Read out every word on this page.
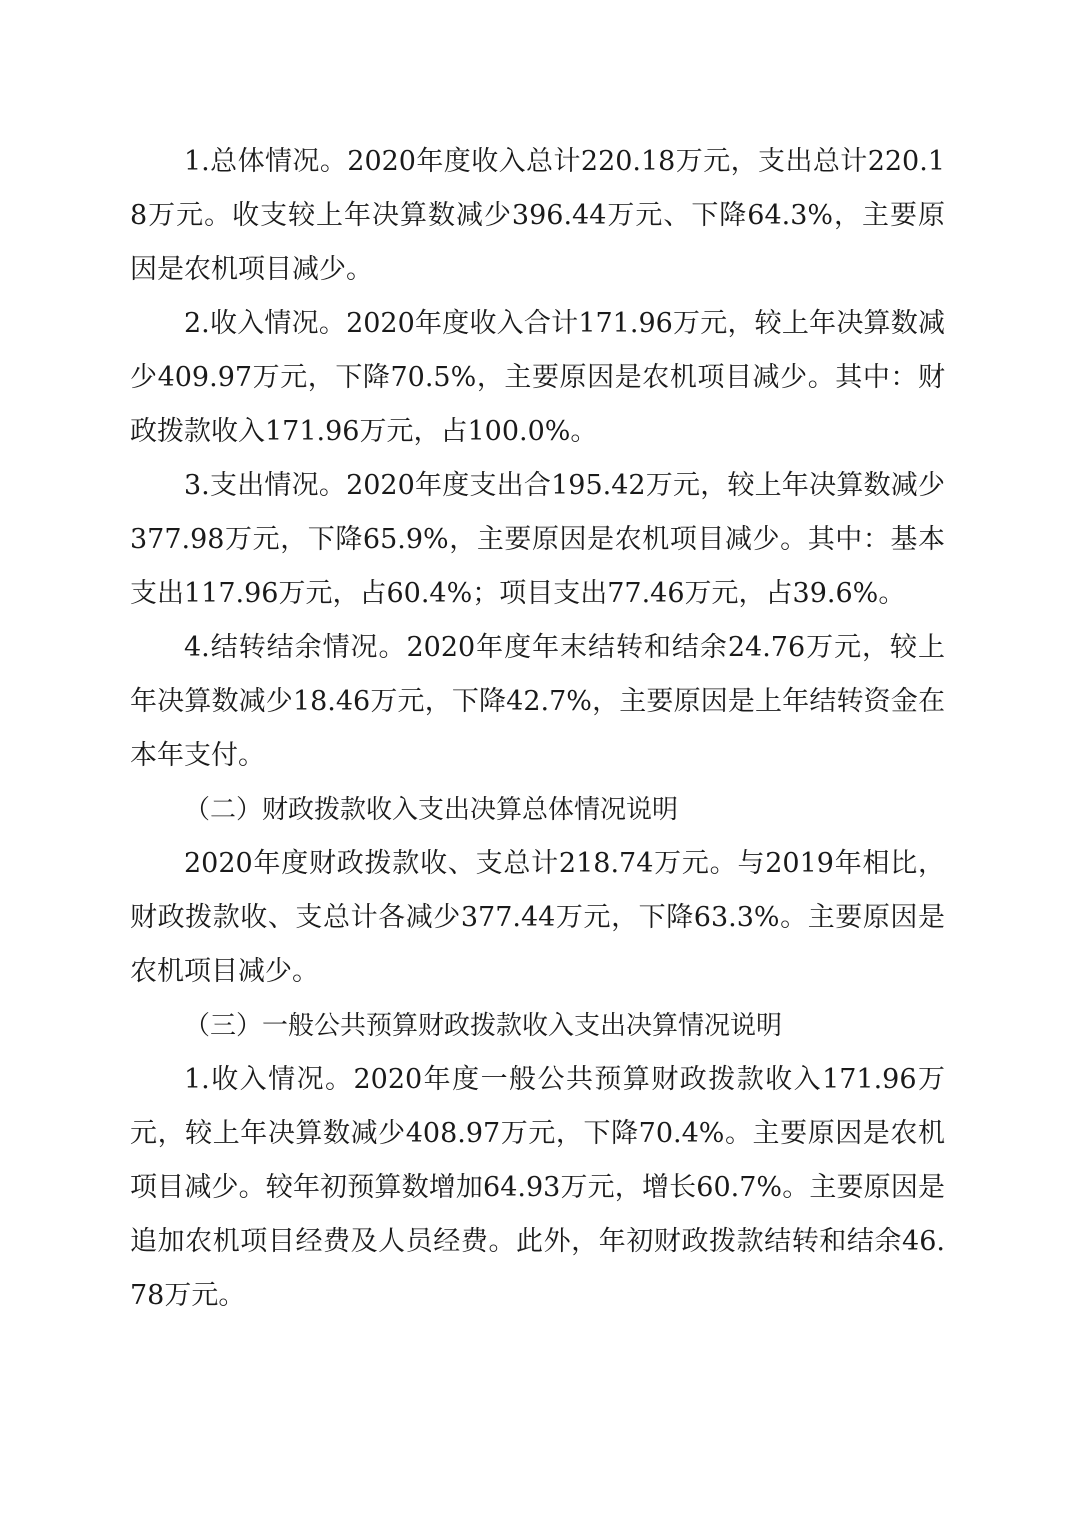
1.总体情况。2020年度收入总计220.18万元，支出总计220.18万元。收支较上年决算数减少396.44万元、下降64.3%，主要原因是农机项目减少。

2.收入情况。2020年度收入合计171.96万元，较上年决算数减少409.97万元，下降70.5%，主要原因是农机项目减少。其中：财政拨款收入171.96万元，占100.0%。

3.支出情况。2020年度支出合195.42万元，较上年决算数减少377.98万元，下降65.9%，主要原因是农机项目减少。其中：基本支出117.96万元，占60.4%；项目支出77.46万元，占39.6%。

4.结转结余情况。2020年度年末结转和结余24.76万元，较上年决算数减少18.46万元，下降42.7%，主要原因是上年结转资金在本年支付。

（二）财政拨款收入支出决算总体情况说明

2020年度财政拨款收、支总计218.74万元。与2019年相比，财政拨款收、支总计各减少377.44万元，下降63.3%。主要原因是农机项目减少。

（三）一般公共预算财政拨款收入支出决算情况说明

1.收入情况。2020年度一般公共预算财政拨款收入171.96万元，较上年决算数减少408.97万元，下降70.4%。主要原因是农机项目减少。较年初预算数增加64.93万元，增长60.7%。主要原因是追加农机项目经费及人员经费。此外，年初财政拨款结转和结余46.78万元。
